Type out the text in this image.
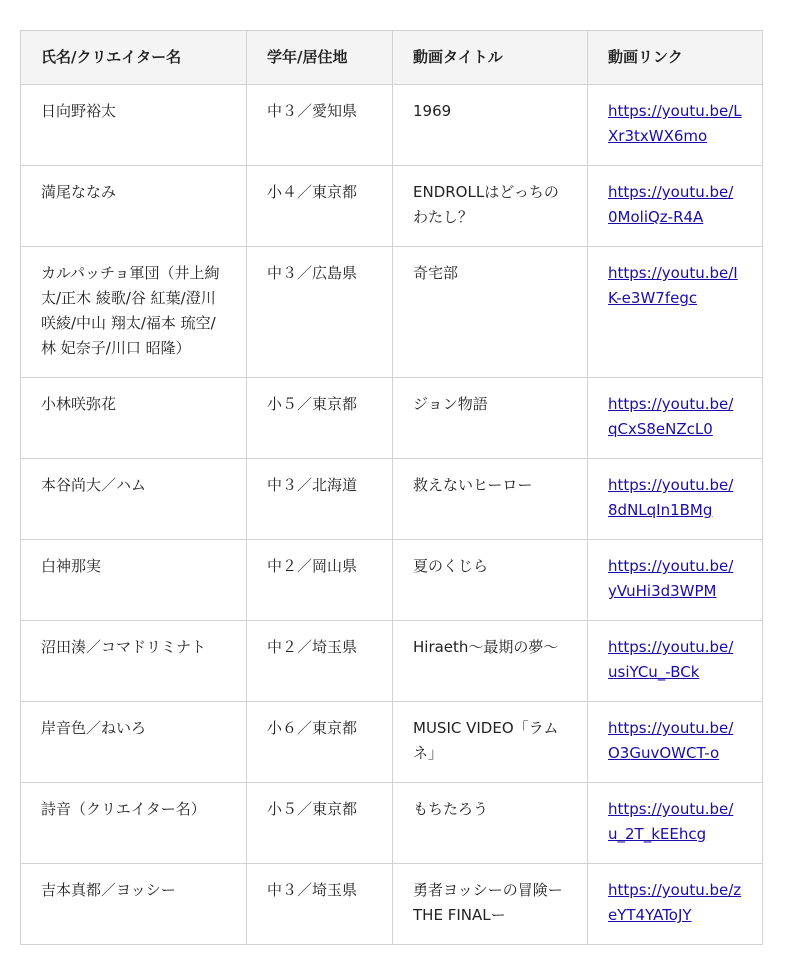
氏名/クリエイター名	学年/居住地	動画タイトル	動画リンク
日向野裕太	中３／愛知県	1969	https://youtu.be/LXr3txWX6mo
満尾ななみ	小４／東京都	ENDROLLはどっちのわたし？	https://youtu.be/0MoliQz-R4A
カルパッチョ軍団（井上絢太/正木 綾歌/谷 紅葉/澄川 咲綾/中山 翔太/福本 琉空/林 妃奈子/川口 昭隆）	中３／広島県	奇宅部	https://youtu.be/IK-e3W7fegc
小林咲弥花	小５／東京都	ジョン物語	https://youtu.be/qCxS8eNZcL0
本谷尚大／ハム	中３／北海道	救えないヒーロー	https://youtu.be/8dNLqIn1BMg
白神那実	中２／岡山県	夏のくじら	https://youtu.be/yVuHi3d3WPM
沼田湊／コマドリミナト	中２／埼玉県	Hiraeth〜最期の夢〜	https://youtu.be/usiYCu_-BCk
岸音色／ねいろ	小６／東京都	MUSIC VIDEO「ラムネ」	https://youtu.be/O3GuvOWCT-o
詩音（クリエイター名）	小５／東京都	もちたろう	https://youtu.be/u_2T_kEEhcg
吉本真都／ヨッシー	中３／埼玉県	勇者ヨッシーの冒険ーTHE FINALー	https://youtu.be/zeYT4YAToJY
